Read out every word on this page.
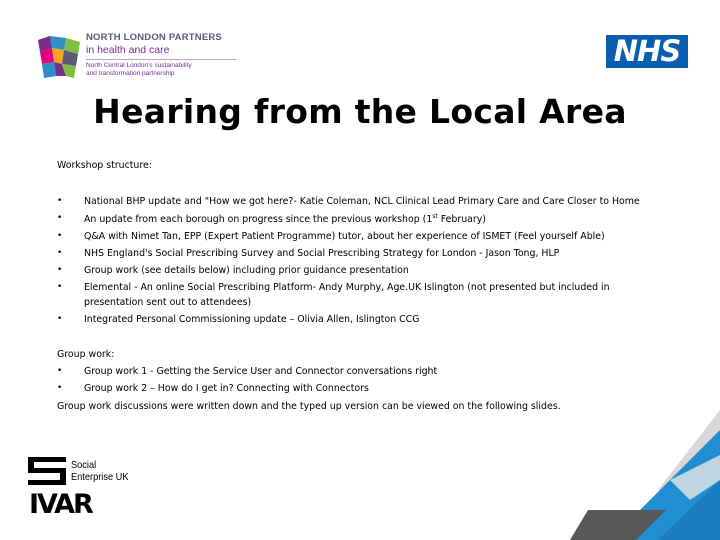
NORTH LONDON PARTNERS
in health and care
North Central London's sustainability
and transformation partnership
NHS
Hearing from the Local Area
Workshop structure:
• National BHP update and "How we got here?- Katie Coleman, NCL Clinical Lead Primary Care and Care Closer to Home
• An update from each borough on progress since the previous workshop (1st February)
• Q&A with Nimet Tan, EPP (Expert Patient Programme) tutor, about her experience of ISMET (Feel yourself Able)
• NHS England's Social Prescribing Survey and Social Prescribing Strategy for London - Jason Tong, HLP
• Group work (see details below) including prior guidance presentation
• Elemental - An online Social Prescribing Platform- Andy Murphy, Age.UK Islington (not presented but included in
presentation sent out to attendees)
• Integrated Personal Commissioning update – Olivia Allen, Islington CCG
Group work:
• Group work 1 - Getting the Service User and Connector conversations right
• Group work 2 – How do I get in? Connecting with Connectors
Group work discussions were written down and the typed up version can be viewed on the following slides.
Social
Enterprise UK
IVAR
